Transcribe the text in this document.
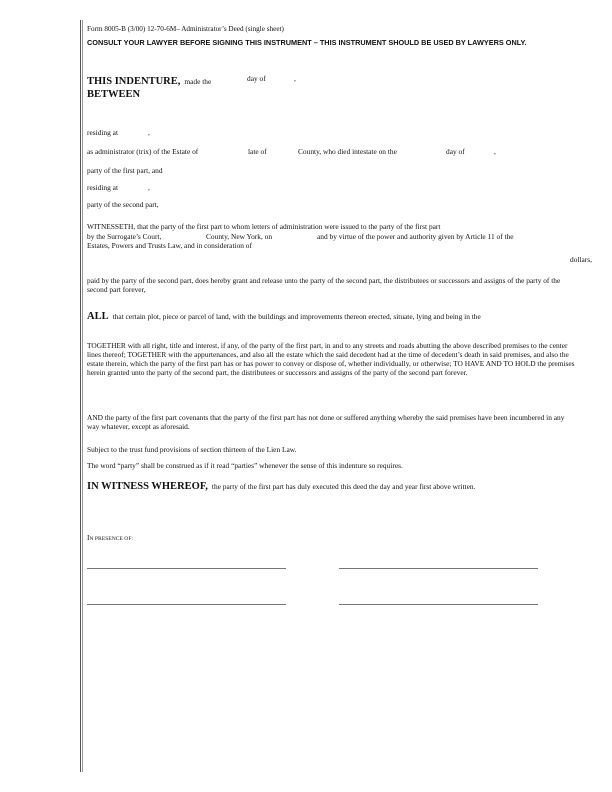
Form 8005-B (3/00) 12-70-6M– Administrator’s Deed (single sheet)
CONSULT YOUR LAWYER BEFORE SIGNING THIS INSTRUMENT – THIS INSTRUMENT SHOULD BE USED BY LAWYERS ONLY.
THIS INDENTURE, made the	day of	,
BETWEEN
residing at	,
as administrator (trix) of the Estate of	late of	County, who died intestate on the	day of	,
party of the first part, and
residing at	,
party of the second part,
WITNESSETH, that the party of the first part to whom letters of administration were issued to the party of the first part
by the Surrogate’s Court,	County, New York, on	and by virtue of the power and authority given by Article 11 of the
Estates, Powers and Trusts Law, and in consideration of
dollars,
paid by the party of the second part, does hereby grant and release unto the party of the second part, the distributees or successors and assigns of the party of the second part forever,
ALL that certain plot, piece or parcel of land, with the buildings and improvements thereon erected, situate, lying and being in the
TOGETHER with all right, title and interest, if any, of the party of the first part, in and to any streets and roads abutting the above described premises to the center lines thereof; TOGETHER with the appurtenances, and also all the estate which the said decedent had at the time of decedent’s death in said premises, and also the estate therein, which the party of the first part has or has power to convey or dispose of, whether individually, or otherwise; TO HAVE AND TO HOLD the premises herein granted unto the party of the second part, the distributees or successors and assigns of the party of the second part forever.
AND the party of the first part covenants that the party of the first part has not done or suffered anything whereby the said premises have been incumbered in any way whatever, except as aforesaid.
Subject to the trust fund provisions of section thirteen of the Lien Law.
The word “party” shall be construed as if it read “parties” whenever the sense of this indenture so requires.
IN WITNESS WHEREOF, the party of the first part has duly executed this deed the day and year first above written.
IN PRESENCE OF:
